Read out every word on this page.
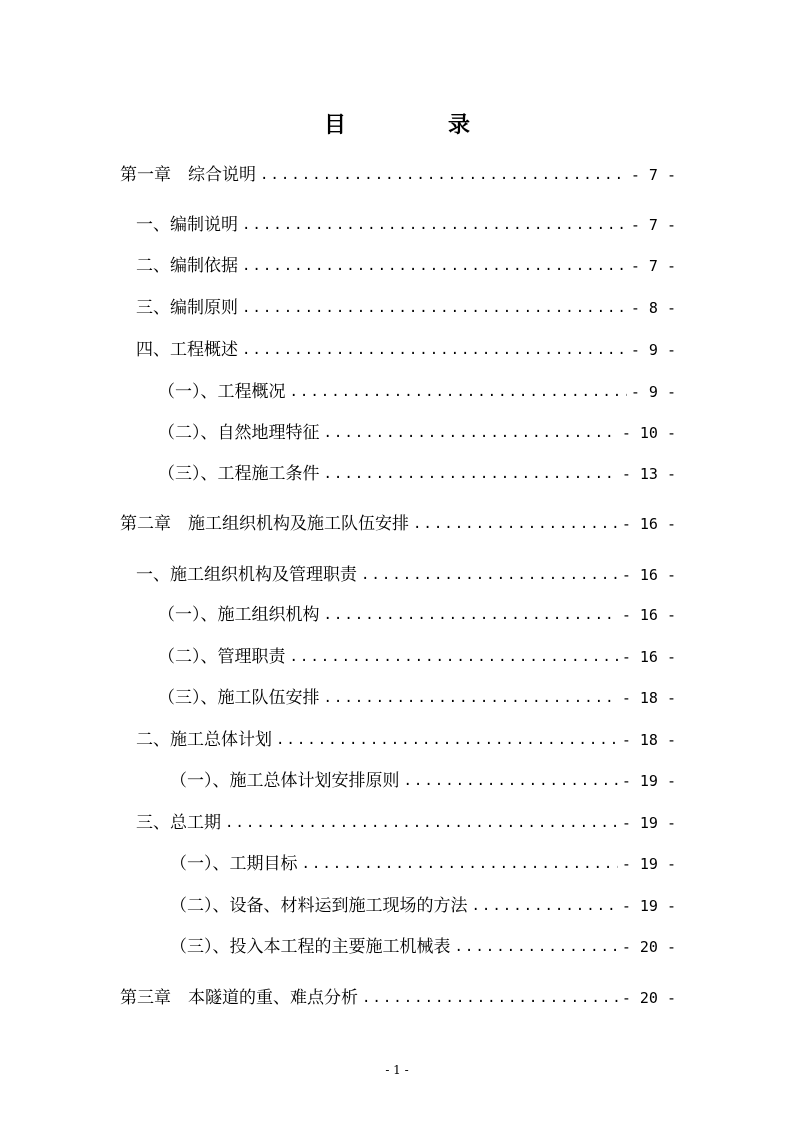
目　录
第一章　综合说明 .....	- 7 -
一、编制说明 .....	- 7 -
二、编制依据 .....	- 7 -
三、编制原则 .....	- 8 -
四、工程概述 .....	- 9 -
（一）、工程概况 .....	- 9 -
（二）、自然地理特征 .....	- 10 -
（三）、工程施工条件 .....	- 13 -
第二章　施工组织机构及施工队伍安排 .....	- 16 -
一、施工组织机构及管理职责 .....	- 16 -
（一）、施工组织机构 .....	- 16 -
（二）、管理职责 .....	- 16 -
（三）、施工队伍安排 .....	- 18 -
二、施工总体计划 .....	- 18 -
（一）、施工总体计划安排原则 .....	- 19 -
三、总工期 .....	- 19 -
（一）、工期目标 .....	- 19 -
（二）、设备、材料运到施工现场的方法 .....	- 19 -
（三）、投入本工程的主要施工机械表 .....	- 20 -
第三章　本隧道的重、难点分析 .....	- 20 -
- 1 -
